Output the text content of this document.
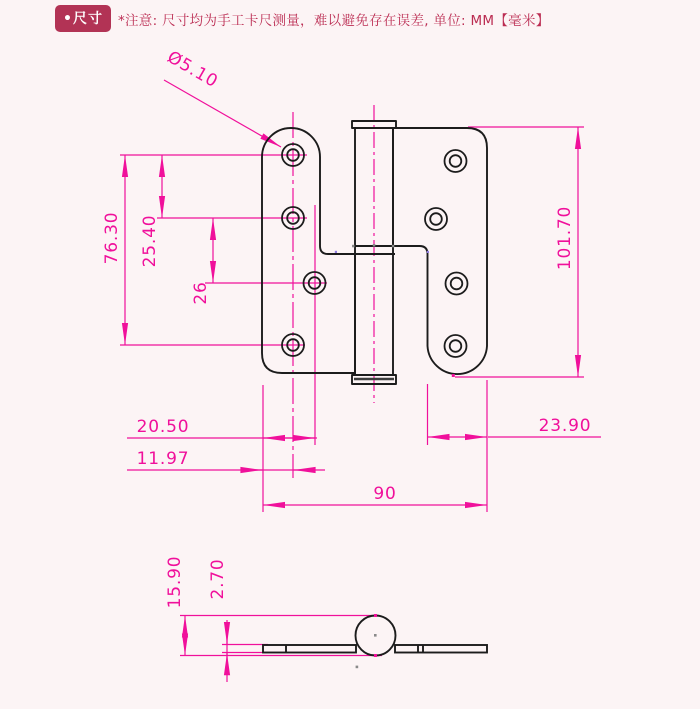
Ø5.10
76.30 25.40
26
101.70
20.50
11.97
90
23.90
15.90 2.70
•尺寸	*注意: 尺寸均为手工卡尺测量，难以避免存在误差, 单位: MM【毫米】
